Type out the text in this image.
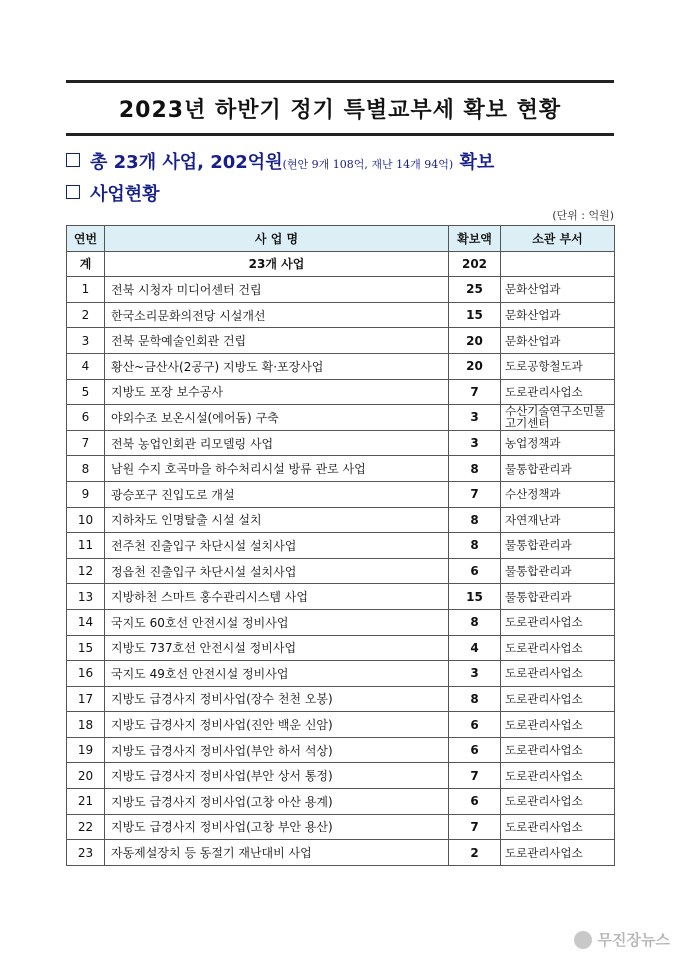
2023년 하반기 정기 특별교부세 확보 현황
총 23개 사업, 202억원(현안 9개 108억, 재난 14개 94억) 확보
사업현황
(단위 : 억원)
연번	사 업 명	확보액	소관 부서
계	23개 사업	202	
1	전북 시청자 미디어센터 건립	25	문화산업과
2	한국소리문화의전당 시설개선	15	문화산업과
3	전북 문학예술인회관 건립	20	문화산업과
4	황산~금산사(2공구) 지방도 확·포장사업	20	도로공항철도과
5	지방도 포장 보수공사	7	도로관리사업소
6	야외수조 보온시설(에어돔) 구축	3	수산기술연구소민물고기센터
7	전북 농업인회관 리모델링 사업	3	농업정책과
8	남원 수지 호곡마을 하수처리시설 방류 관로 사업	8	물통합관리과
9	광승포구 진입도로 개설	7	수산정책과
10	지하차도 인명탈출 시설 설치	8	자연재난과
11	전주천 진출입구 차단시설 설치사업	8	물통합관리과
12	정읍천 진출입구 차단시설 설치사업	6	물통합관리과
13	지방하천 스마트 홍수관리시스템 사업	15	물통합관리과
14	국지도 60호선 안전시설 정비사업	8	도로관리사업소
15	지방도 737호선 안전시설 정비사업	4	도로관리사업소
16	국지도 49호선 안전시설 정비사업	3	도로관리사업소
17	지방도 급경사지 정비사업(장수 천천 오봉)	8	도로관리사업소
18	지방도 급경사지 정비사업(진안 백운 신암)	6	도로관리사업소
19	지방도 급경사지 정비사업(부안 하서 석상)	6	도로관리사업소
20	지방도 급경사지 정비사업(부안 상서 통정)	7	도로관리사업소
21	지방도 급경사지 정비사업(고창 아산 용계)	6	도로관리사업소
22	지방도 급경사지 정비사업(고창 부안 용산)	7	도로관리사업소
23	자동제설장치 등 동절기 재난대비 사업	2	도로관리사업소
무진장뉴스
